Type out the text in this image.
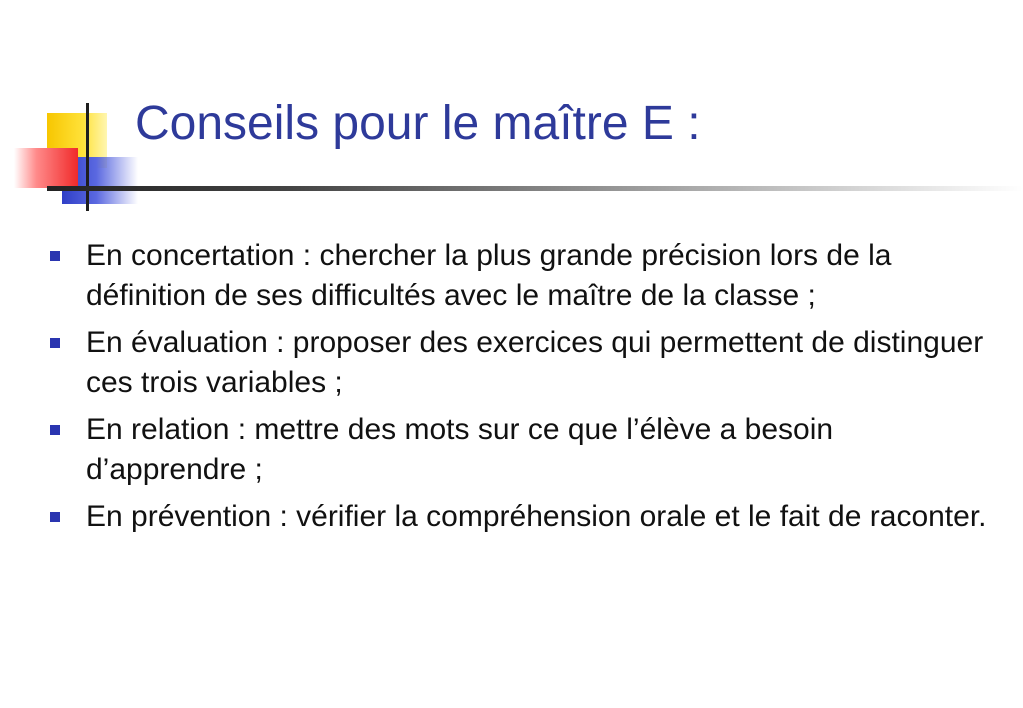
Conseils pour le maître E :
En concertation : chercher la plus grande précision lors de la définition de ses difficultés avec le maître de la classe ;
En évaluation : proposer des exercices qui permettent de distinguer ces trois variables ;
En relation : mettre des mots sur ce que l’élève a besoin d’apprendre ;
En prévention : vérifier la compréhension orale et le fait de raconter.
